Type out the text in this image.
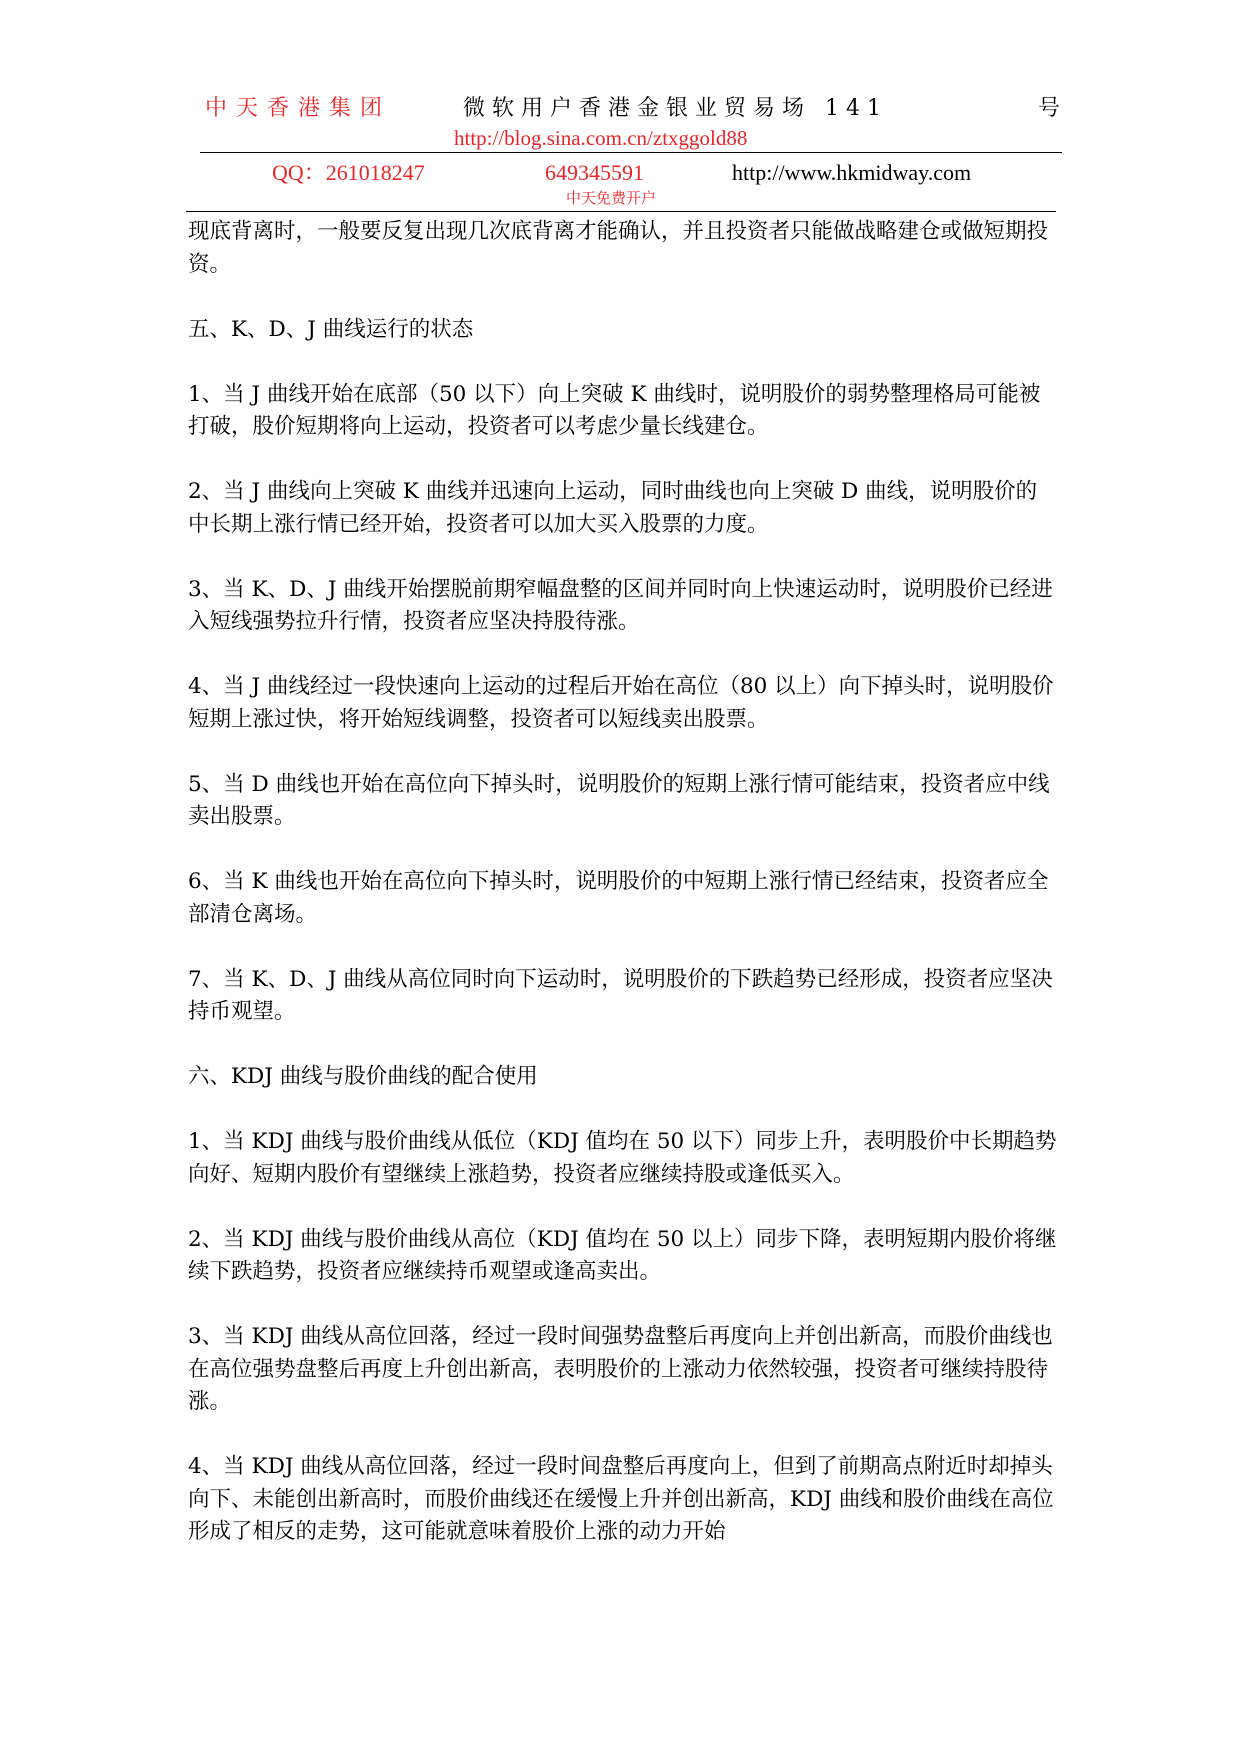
中天香港集团	微软用户香港金银业贸易场 141	号
http://blog.sina.com.cn/ztxggold88
QQ：261018247	649345591	http://www.hkmidway.com
中天免费开户

现底背离时，一般要反复出现几次底背离才能确认，并且投资者只能做战略建仓或做短期投资。

五、K、D、J 曲线运行的状态

1、当 J 曲线开始在底部（50 以下）向上突破 K 曲线时，说明股价的弱势整理格局可能被打破，股价短期将向上运动，投资者可以考虑少量长线建仓。

2、当 J 曲线向上突破 K 曲线并迅速向上运动，同时曲线也向上突破 D 曲线，说明股价的中长期上涨行情已经开始，投资者可以加大买入股票的力度。

3、当 K、D、J 曲线开始摆脱前期窄幅盘整的区间并同时向上快速运动时，说明股价已经进入短线强势拉升行情，投资者应坚决持股待涨。

4、当 J 曲线经过一段快速向上运动的过程后开始在高位（80 以上）向下掉头时，说明股价短期上涨过快，将开始短线调整，投资者可以短线卖出股票。

5、当 D 曲线也开始在高位向下掉头时，说明股价的短期上涨行情可能结束，投资者应中线卖出股票。

6、当 K 曲线也开始在高位向下掉头时，说明股价的中短期上涨行情已经结束，投资者应全部清仓离场。

7、当 K、D、J 曲线从高位同时向下运动时，说明股价的下跌趋势已经形成，投资者应坚决持币观望。

六、KDJ 曲线与股价曲线的配合使用

1、当 KDJ 曲线与股价曲线从低位（KDJ 值均在 50 以下）同步上升，表明股价中长期趋势向好、短期内股价有望继续上涨趋势，投资者应继续持股或逢低买入。

2、当 KDJ 曲线与股价曲线从高位（KDJ 值均在 50 以上）同步下降，表明短期内股价将继续下跌趋势，投资者应继续持币观望或逢高卖出。

3、当 KDJ 曲线从高位回落，经过一段时间强势盘整后再度向上并创出新高，而股价曲线也在高位强势盘整后再度上升创出新高，表明股价的上涨动力依然较强，投资者可继续持股待涨。

4、当 KDJ 曲线从高位回落，经过一段时间盘整后再度向上，但到了前期高点附近时却掉头向下、未能创出新高时，而股价曲线还在缓慢上升并创出新高，KDJ 曲线和股价曲线在高位形成了相反的走势，这可能就意味着股价上涨的动力开始
